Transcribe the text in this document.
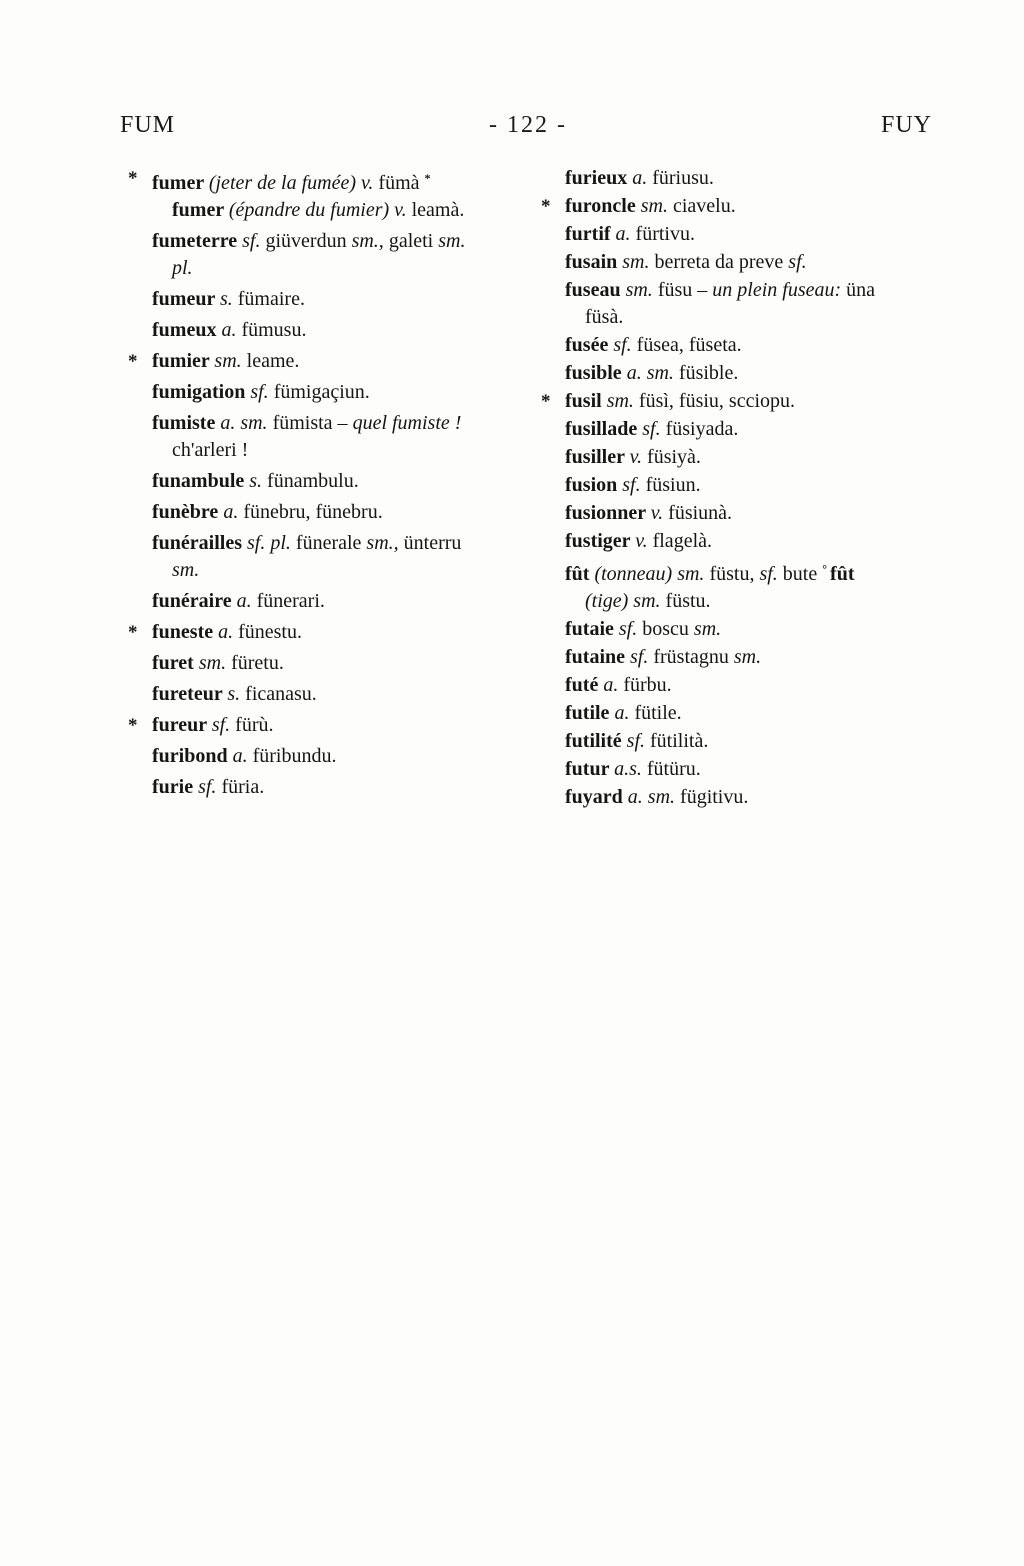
FUM	- 122 -	FUY

* fumer (jeter de la fumée) v. fümà *
fumer (épandre du fumier) v. leamà.

fumeterre sf. giüverdun sm., galeti sm.
pl.

fumeur s. fümaire.

fumeux a. fümusu.

* fumier sm. leame.

fumigation sf. fümigaçiun.

fumiste a. sm. fümista – quel fumiste !
ch'arleri !

funambule s. fünambulu.

funèbre a. fünebru, fünebru.

funérailles sf. pl. fünerale sm., ünterru
sm.

funéraire a. fünerari.

* funeste a. fünestu.

furet sm. füretu.

fureteur s. ficanasu.

* fureur sf. fürù.

furibond a. füribundu.

furie sf. füria.

furieux a. füriusu.

* furoncle sm. ciavelu.

furtif a. fürtivu.

fusain sm. berreta da preve sf.

fuseau sm. füsu – un plein fuseau: üna
füsà.

fusée sf. füsea, füseta.

fusible a. sm. füsible.

* fusil sm. füsì, füsiu, scciopu.

fusillade sf. füsiyada.

fusiller v. füsiyà.

fusion sf. füsiun.

fusionner v. füsiunà.

fustiger v. flagelà.

fût (tonneau) sm. füstu, sf. bute ° fût
(tige) sm. füstu.

futaie sf. boscu sm.

futaine sf. früstagnu sm.

futé a. fürbu.

futile a. fütile.

futilité sf. fütilità.

futur a.s. fütüru.

fuyard a. sm. fügitivu.
